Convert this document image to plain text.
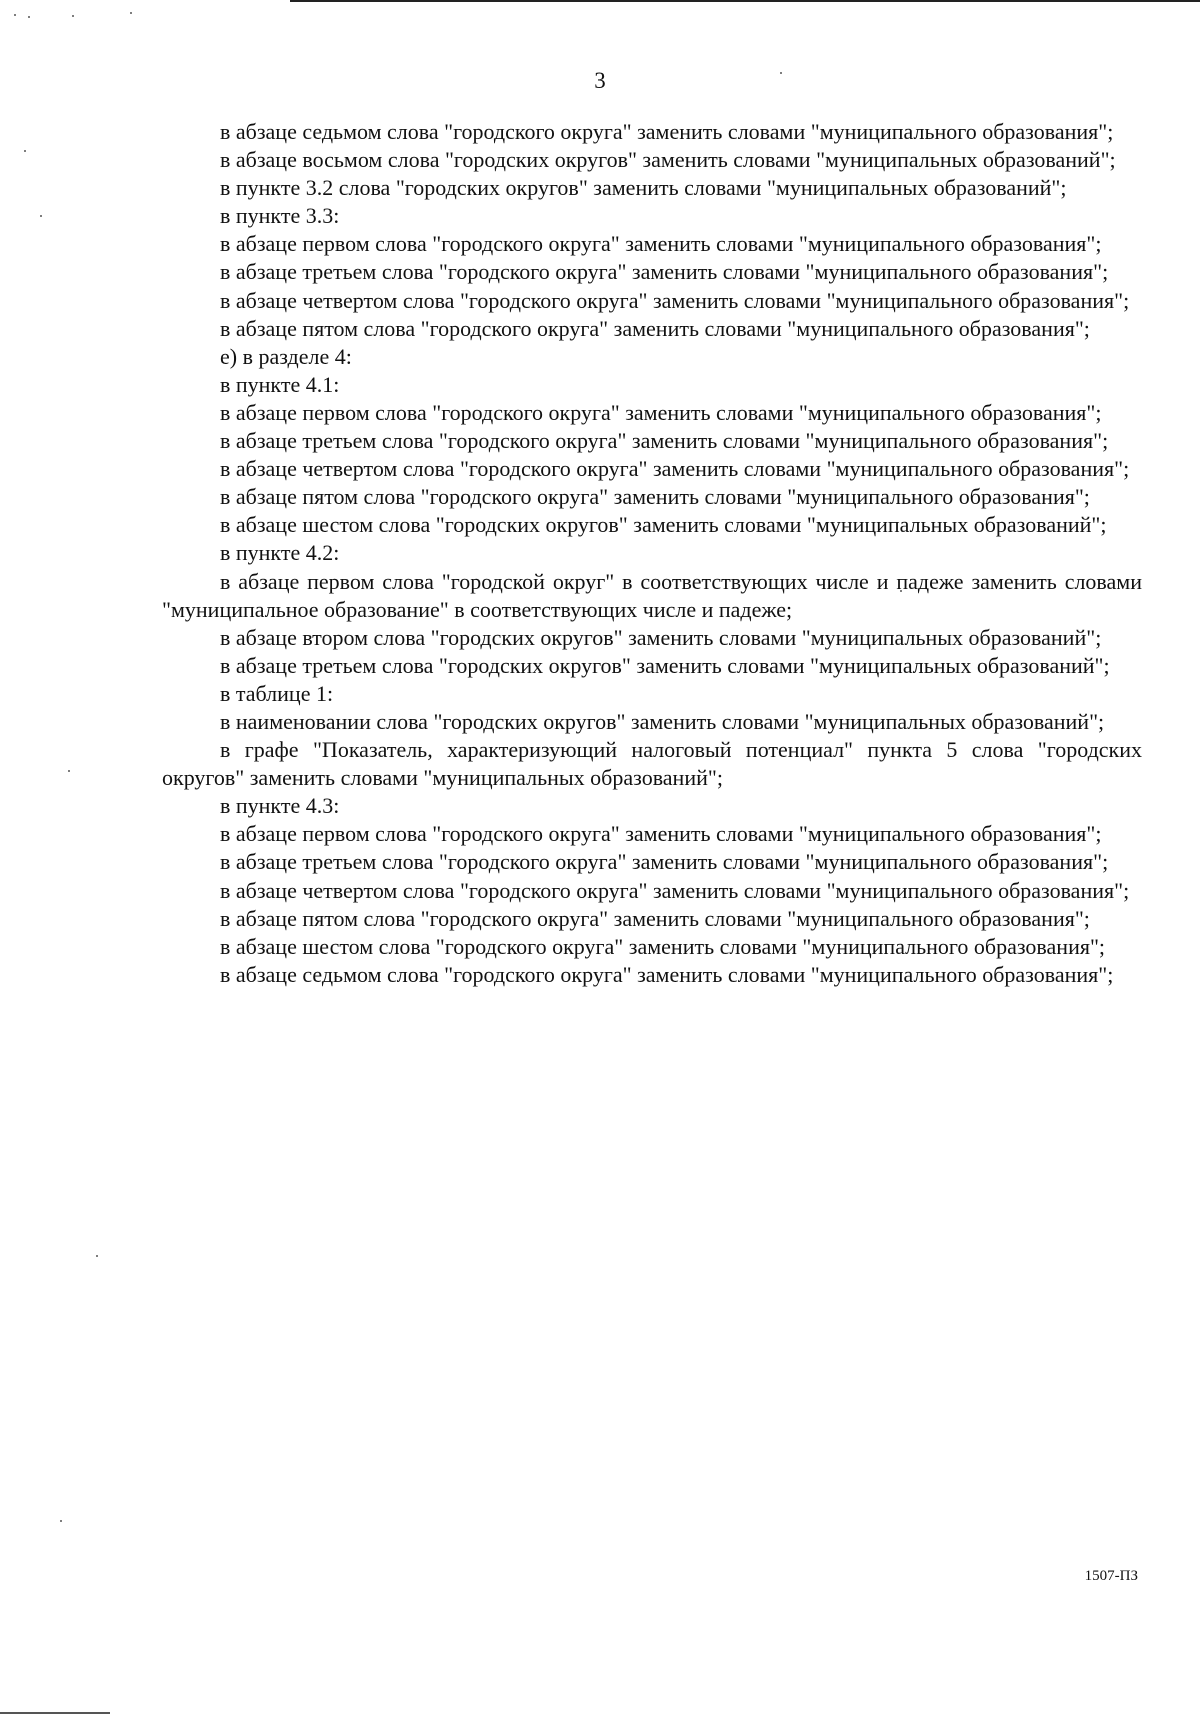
3

в абзаце седьмом слова "городского округа" заменить словами "муниципального образования";

в абзаце восьмом слова "городских округов" заменить словами "муниципальных образований";

в пункте 3.2 слова "городских округов" заменить словами "муниципальных образований";

в пункте 3.3:

в абзаце первом слова "городского округа" заменить словами "муниципального образования";

в абзаце третьем слова "городского округа" заменить словами "муниципального образования";

в абзаце четвертом слова "городского округа" заменить словами "муниципального образования";

в абзаце пятом слова "городского округа" заменить словами "муниципального образования";

е) в разделе 4:

в пункте 4.1:

в абзаце первом слова "городского округа" заменить словами "муниципального образования";

в абзаце третьем слова "городского округа" заменить словами "муниципального образования";

в абзаце четвертом слова "городского округа" заменить словами "муниципального образования";

в абзаце пятом слова "городского округа" заменить словами "муниципального образования";

в абзаце шестом слова "городских округов" заменить словами "муниципальных образований";

в пункте 4.2:

в абзаце первом слова "городской округ" в соответствующих числе и падеже заменить словами "муниципальное образование" в соответствующих числе и падеже;

в абзаце втором слова "городских округов" заменить словами "муниципальных образований";

в абзаце третьем слова "городских округов" заменить словами "муниципальных образований";

в таблице 1:

в наименовании слова "городских округов" заменить словами "муниципальных образований";

в графе "Показатель, характеризующий налоговый потенциал" пункта 5 слова "городских округов" заменить словами "муниципальных образований";

в пункте 4.3:

в абзаце первом слова "городского округа" заменить словами "муниципального образования";

в абзаце третьем слова "городского округа" заменить словами "муниципального образования";

в абзаце четвертом слова "городского округа" заменить словами "муниципального образования";

в абзаце пятом слова "городского округа" заменить словами "муниципального образования";

в абзаце шестом слова "городского округа" заменить словами "муниципального образования";

в абзаце седьмом слова "городского округа" заменить словами "муниципального образования";

1507-ПЗ
